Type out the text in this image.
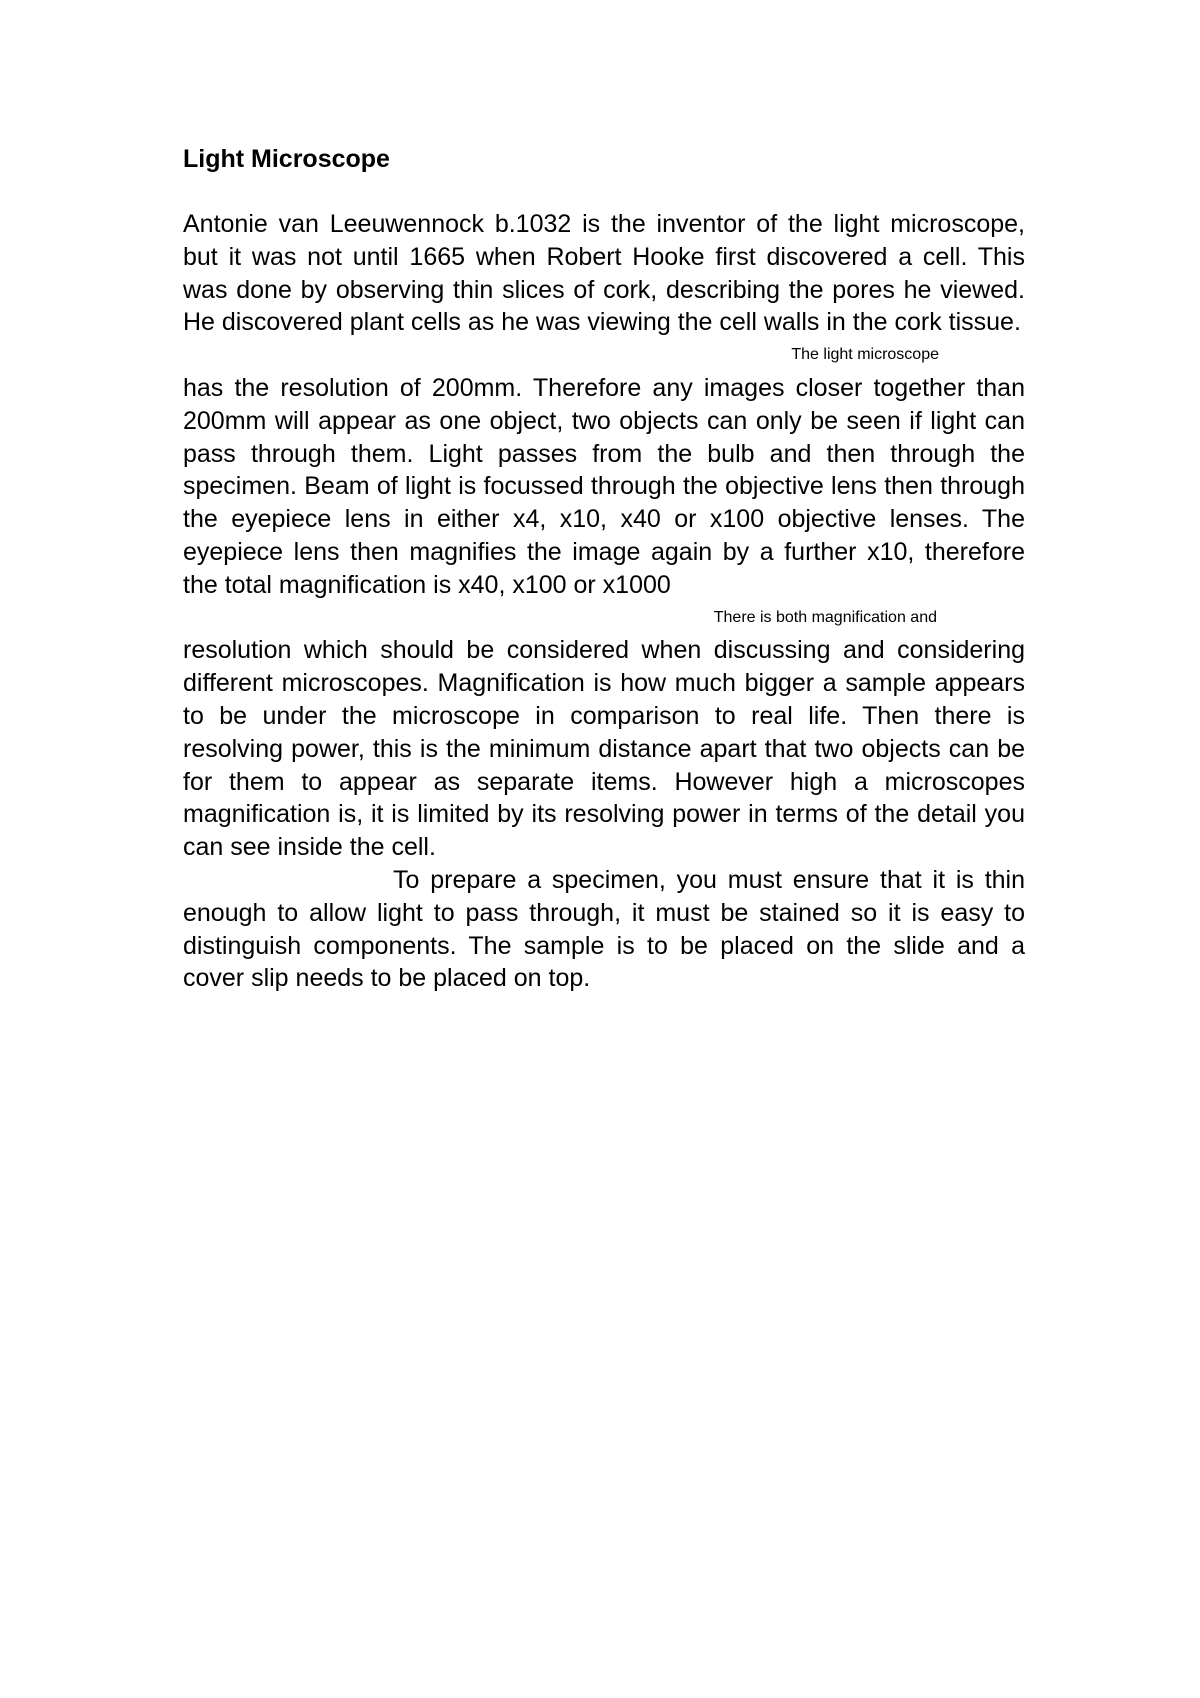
Light Microscope

Antonie van Leeuwennock b.1032 is the inventor of the light microscope, but it was not until 1665 when Robert Hooke first discovered a cell. This was done by observing thin slices of cork, describing the pores he viewed. He discovered plant cells as he was viewing the cell walls in the cork tissue.

The light microscope

has the resolution of 200mm. Therefore any images closer together than 200mm will appear as one object, two objects can only be seen if light can pass through them. Light passes from the bulb and then through the specimen. Beam of light is focussed through the objective lens then through the eyepiece lens in either x4, x10, x40 or x100 objective lenses. The eyepiece lens then magnifies the image again by a further x10, therefore the total magnification is x40, x100 or x1000

There is both magnification and

resolution which should be considered when discussing and considering different microscopes. Magnification is how much bigger a sample appears to be under the microscope in comparison to real life. Then there is resolving power, this is the minimum distance apart that two objects can be for them to appear as separate items. However high a microscopes magnification is, it is limited by its resolving power in terms of the detail you can see inside the cell.

To prepare a specimen, you must ensure that it is thin enough to allow light to pass through, it must be stained so it is easy to distinguish components. The sample is to be placed on the slide and a cover slip needs to be placed on top.
